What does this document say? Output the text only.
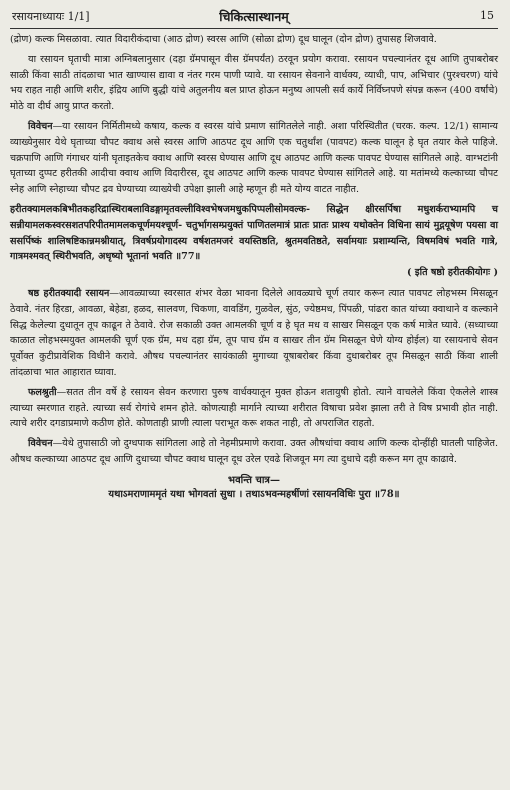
रसायनाध्यायः 1/1]	चिकित्सास्थानम्	15

(द्रोण) कल्क मिसळावा. त्यात विदारीकंदाचा (आठ द्रोण) स्वरस आणि (सोळा द्रोण) दूध घालून (दोन द्रोण) तुपासह शिजवावे.

या रसायन घृताची मात्रा अग्निबलानुसार (दहा ग्रॅमपासून वीस ग्रॅमपर्यंत) ठरवून प्रयोग करावा. रसायन पचल्यानंतर दूध आणि तुपाबरोबर साळी किंवा साठी तांदळाचा भात खाण्यास द्यावा व नंतर गरम पाणी प्यावे. या रसायन सेवनाने वार्धक्य, व्याधी, पाप, अभिचार (पुरश्चरण) यांचे भय राहत नाही आणि शरीर, इंद्रिय आणि बुद्धी यांचे अतुलनीय बल प्राप्त होऊन मनुष्य आपली सर्व कार्ये निर्विघ्नपणे संपन्न करून (400 वर्षांचे) मोठे वा दीर्घ आयु प्राप्त करतो.

विवेचन—या रसायन निर्मितीमध्ये कषाय, कल्क व स्वरस यांचे प्रमाण सांगितलेले नाही. अशा परिस्थितीत (चरक. कल्प. 12/1) सामान्य व्याख्येनुसार येथे घृताच्या चौपट क्वाथ असे स्वरस आणि आठपट दूध आणि एक चतुर्थांश (पावपट) कल्क घालून हे घृत तयार केले पाहिजे. चक्रपाणि आणि गंगाधर यांनी घृताइतकेच क्वाथ आणि स्वरस घेण्यास आणि दूध आठपट आणि कल्क पावपट घेण्यास सांगितले आहे. वाग्भटांनी घृताच्या दुप्पट हरीतकी आदीचा क्वाथ आणि विदारीरस, दूध आठपट आणि कल्क पावपट घेण्यास सांगितले आहे. या मतांमध्ये कल्काच्या चौपट स्नेह आणि स्नेहाच्या चौपट द्रव घेण्याच्या व्याख्येची उपेक्षा झाली आहे म्हणून ही मते योग्य वाटत नाहीत.

हरीतक्यामलकबिभीतकहरिद्रास्थिराबलाविडङ्गामृतवल्लीविश्वभेषजमधुकपिप्पलीसोमवल्क- सिद्धेन क्षीरसर्पिषा मधुशर्कराभ्यामपि च सन्नीयामलकस्वरसशतपरिपीतमामलकचूर्णमयश्चूर्ण- चतुर्भागसम्प्रयुक्तं पाणितलमात्रं प्रातः प्रातः प्राश्य यथोक्तेन विधिना सायं मुद्गयूषेण पयसा वा ससर्पिष्कं शालिषष्टिकान्नमश्नीयात्, त्रिवर्षप्रयोगादस्य वर्षशतमजरं वयस्तिष्ठति, श्रुतमवतिष्ठते, सर्वामयाः प्रशाम्यन्ति, विषमविषं भवति गात्रे, गात्रमश्मवत् स्थिरीभवति, अधृष्यो भूतानां भवति ॥77॥
( इति षष्ठो हरीतकीयोगः )

षष्ठ हरीतक्यादी रसायन—आवळ्याच्या स्वरसात शंभर वेळा भावना दिलेले आवळ्याचे चूर्ण तयार करून त्यात पावपट लोहभस्म मिसळून ठेवावे. नंतर हिरडा, आवळा, बेहेडा, हळद, सालवण, चिकणा, वावडिंग, गुळवेल, सुंठ, ज्येष्ठमध, पिंपळी, पांढरा कात यांच्या क्वाथाने व कल्काने सिद्ध केलेल्या दुधातून तूप काढून ते ठेवावे. रोज सकाळी उक्त आमलकी चूर्ण व हे घृत मध व साखर मिसळून एक कर्ष मात्रेत घ्यावे. (सध्याच्या काळात लोहभस्मयुक्त आमलकी चूर्ण एक ग्रॅम, मध दहा ग्रॅम, तूप पाच ग्रॅम व साखर तीन ग्रॅम मिसळून घेणे योग्य होईल) या रसायनाचे सेवन पूर्वोक्त कुटीप्रावेशिक विधीने करावे. औषध पचल्यानंतर सायंकाळी मुगाच्या यूषाबरोबर किंवा दुधाबरोबर तूप मिसळून साठी किंवा शाली तांदळाचा भात आहारात घ्यावा.

फलश्रुती—सतत तीन वर्षे हे रसायन सेवन करणारा पुरुष वार्धक्यातून मुक्त होऊन शतायुषी होतो. त्याने वाचलेले किंवा ऐकलेले शास्त्र त्याच्या स्मरणात राहते. त्याच्या सर्व रोगांचे शमन होते. कोणत्याही मार्गाने त्याच्या शरीरात विषाचा प्रवेश झाला तरी ते विष प्रभावी होत नाही. त्याचे शरीर दगडाप्रमाणे कठीण होते. कोणताही प्राणी त्याला पराभूत करू शकत नाही, तो अपराजित राहतो.

विवेचन—येथे तुपासाठी जो दुग्धपाक सांगितला आहे तो नेहमीप्रमाणे करावा. उक्त औषधांचा क्वाथ आणि कल्क दोन्हींही घातली पाहिजेत. औषध कल्काच्या आठपट दूध आणि दुधाच्या चौपट क्वाथ घालून दूध उरेल एवढे शिजवून मग त्या दुधाचे दही करून मग तूप काढावे.

भवन्ति चात्र—

यथाऽमराणाममृतं यथा भोगवतां सुधा । तथाऽभवन्महर्षीणां रसायनविधिः पुरा ॥78॥
